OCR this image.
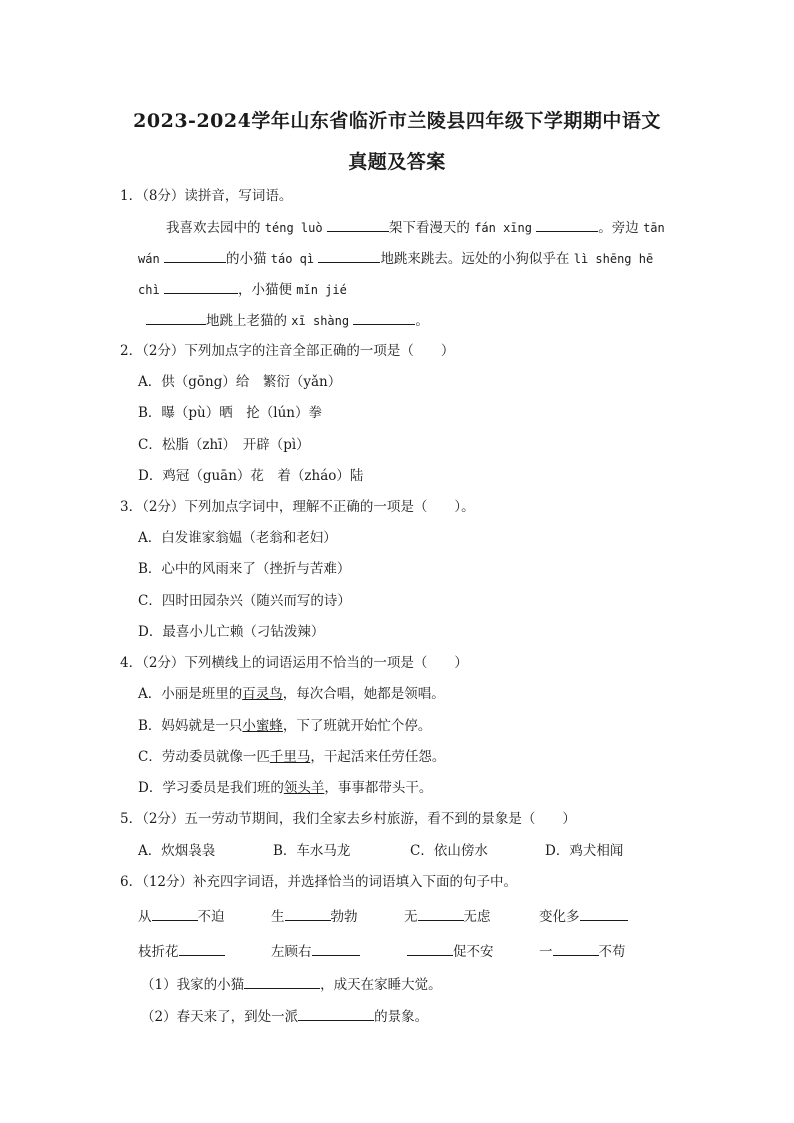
2023-2024学年山东省临沂市兰陵县四年级下学期期中语文
真题及答案
1．（8分）读拼音，写词语。
我喜欢去园中的 téng luò	架下看漫天的 fán xīng	。旁边 tān
wán	的小猫 táo qì	地跳来跳去。远处的小狗似乎在 lì shēng hē
chì	，小猫便 mǐn jié
地跳上老猫的 xī shàng	。
2．（2分）下列加点字的注音全部正确的一项是（　　）
A．供（gōng）给　繁衍（yǎn）
B．曝（pù）晒　抡（lún）拳
C．松脂（zhī）　开辟（pì）
D．鸡冠（guān）花　着（zháo）陆
3．（2分）下列加点字词中，理解不正确的一项是（　　）。
A．白发谁家翁媪（老翁和老妇）
B．心中的风雨来了（挫折与苦难）
C．四时田园杂兴（随兴而写的诗）
D．最喜小儿亡赖（刁钻泼辣）
4．（2分）下列横线上的词语运用不恰当的一项是（　　）
A．小丽是班里的百灵鸟，每次合唱，她都是领唱。
B．妈妈就是一只小蜜蜂，下了班就开始忙个停。
C．劳动委员就像一匹千里马，干起活来任劳任怨。
D．学习委员是我们班的领头羊，事事都带头干。
5．（2分）五一劳动节期间，我们全家去乡村旅游，看不到的景象是（　　）
A．炊烟袅袅	B．车水马龙	C．依山傍水	D．鸡犬相闻
6．（12分）补充四字词语，并选择恰当的词语填入下面的句子中。
从	不迫	生	勃勃	无	无虑	变化多
枝折花	左顾右	促不安	一	不苟
（1）我家的小猫	，成天在家睡大觉。
（2）春天来了，到处一派	的景象。
